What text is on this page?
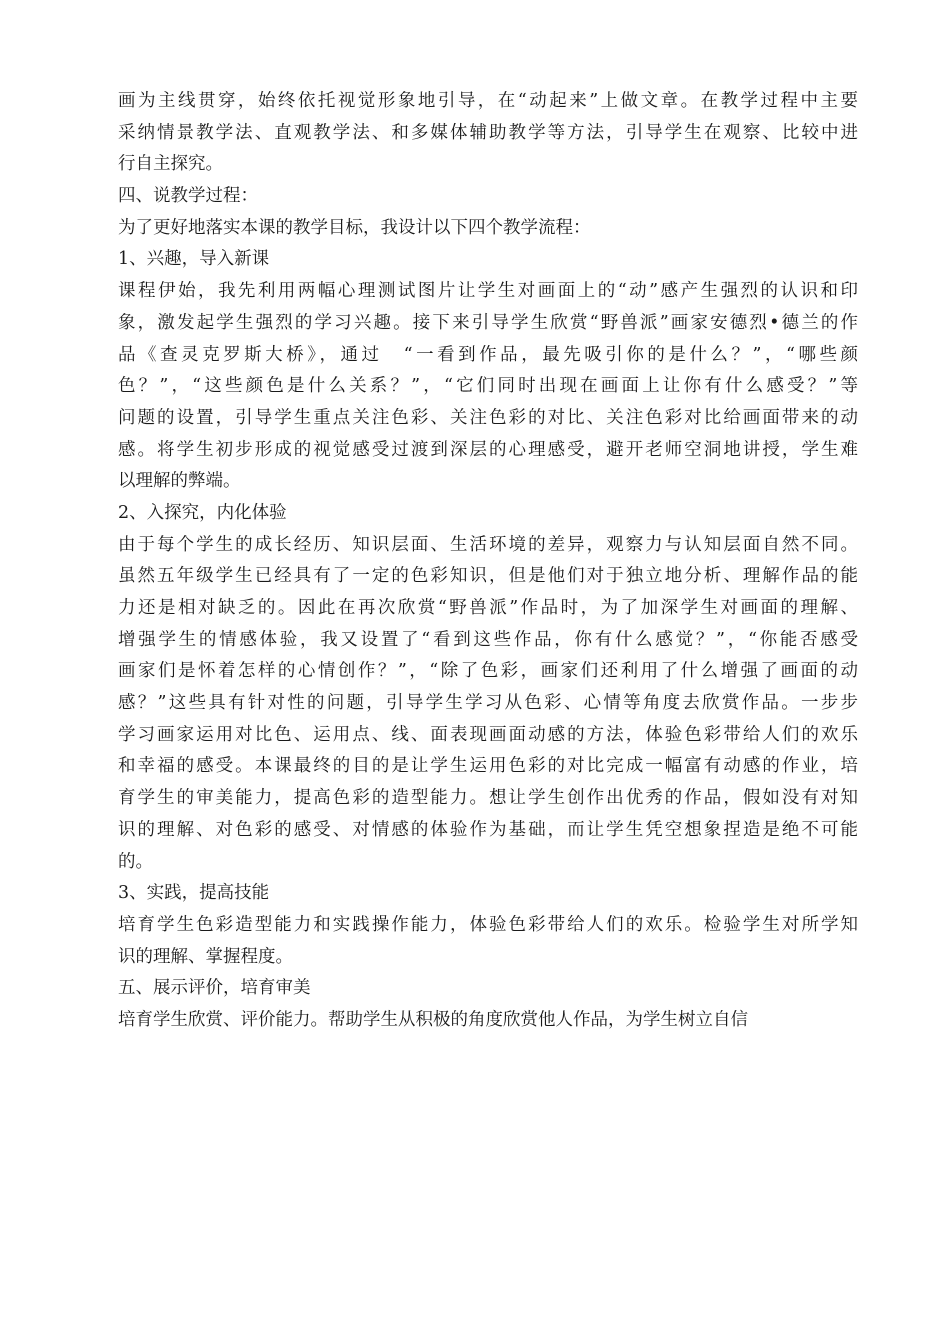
画为主线贯穿，始终依托视觉形象地引导，在“动起来”上做文章。在教学过程中主要
采纳情景教学法、直观教学法、和多媒体辅助教学等方法，引导学生在观察、比较中进
行自主探究。
四、说教学过程：
为了更好地落实本课的教学目标，我设计以下四个教学流程：
1、兴趣，导入新课
课程伊始，我先利用两幅心理测试图片让学生对画面上的“动”感产生强烈的认识和印
象，激发起学生强烈的学习兴趣。接下来引导学生欣赏“野兽派”画家安德烈•德兰的作
品《查灵克罗斯大桥》，通过　“一看到作品，最先吸引你的是什么？”，“哪些颜
色？”，“这些颜色是什么关系？”，“它们同时出现在画面上让你有什么感受？”等
问题的设置，引导学生重点关注色彩、关注色彩的对比、关注色彩对比给画面带来的动
感。将学生初步形成的视觉感受过渡到深层的心理感受，避开老师空洞地讲授，学生难
以理解的弊端。
2、入探究，内化体验
由于每个学生的成长经历、知识层面、生活环境的差异，观察力与认知层面自然不同。
虽然五年级学生已经具有了一定的色彩知识，但是他们对于独立地分析、理解作品的能
力还是相对缺乏的。因此在再次欣赏“野兽派”作品时，为了加深学生对画面的理解、
增强学生的情感体验，我又设置了“看到这些作品，你有什么感觉？”，“你能否感受
画家们是怀着怎样的心情创作？”，“除了色彩，画家们还利用了什么增强了画面的动
感？”这些具有针对性的问题，引导学生学习从色彩、心情等角度去欣赏作品。一步步
学习画家运用对比色、运用点、线、面表现画面动感的方法，体验色彩带给人们的欢乐
和幸福的感受。本课最终的目的是让学生运用色彩的对比完成一幅富有动感的作业，培
育学生的审美能力，提高色彩的造型能力。想让学生创作出优秀的作品，假如没有对知
识的理解、对色彩的感受、对情感的体验作为基础，而让学生凭空想象捏造是绝不可能
的。
3、实践，提高技能
培育学生色彩造型能力和实践操作能力，体验色彩带给人们的欢乐。检验学生对所学知
识的理解、掌握程度。
五、展示评价，培育审美
培育学生欣赏、评价能力。帮助学生从积极的角度欣赏他人作品，为学生树立自信
